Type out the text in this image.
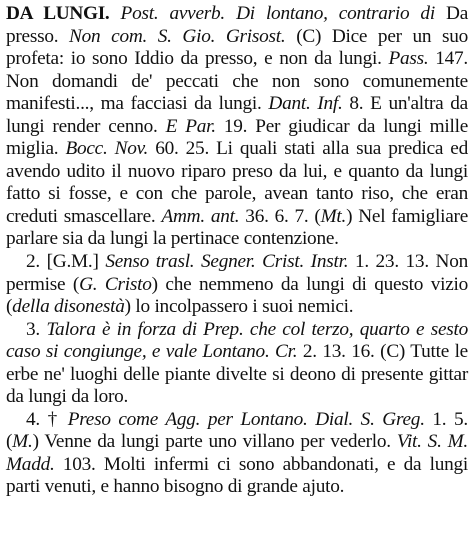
DA LUNGI. Post. avverb. Di lontano, contrario di Da presso. Non com. S. Gio. Grisost. (C) Dice per un suo profeta: io sono Iddio da presso, e non da lungi. Pass. 147. Non domandi de' peccati che non sono comunemente manifesti..., ma facciasi da lungi. Dant. Inf. 8. E un'altra da lungi render cenno. E Par. 19. Per giudicar da lungi mille miglia. Bocc. Nov. 60. 25. Li quali stati alla sua predica ed avendo udito il nuovo riparo preso da lui, e quanto da lungi fatto si fosse, e con che parole, avean tanto riso, che eran creduti smascellare. Amm. ant. 36. 6. 7. (Mt.) Nel famigliare parlare sia da lungi la pertinace contenzione.

2. [G.M.] Senso trasl. Segner. Crist. Instr. 1. 23. 13. Non permise (G. Cristo) che nemmeno da lungi di questo vizio (della disonestà) lo incolpassero i suoi nemici.

3. Talora è in forza di Prep. che col terzo, quarto e sesto caso si congiunge, e vale Lontano. Cr. 2. 13. 16. (C) Tutte le erbe ne' luoghi delle piante divelte si deono di presente gittar da lungi da loro.

4. † Preso come Agg. per Lontano. Dial. S. Greg. 1. 5. (M.) Venne da lungi parte uno villano per vederlo. Vit. S. M. Madd. 103. Molti infermi ci sono abbandonati, e da lungi parti venuti, e hanno bisogno di grande ajuto.
